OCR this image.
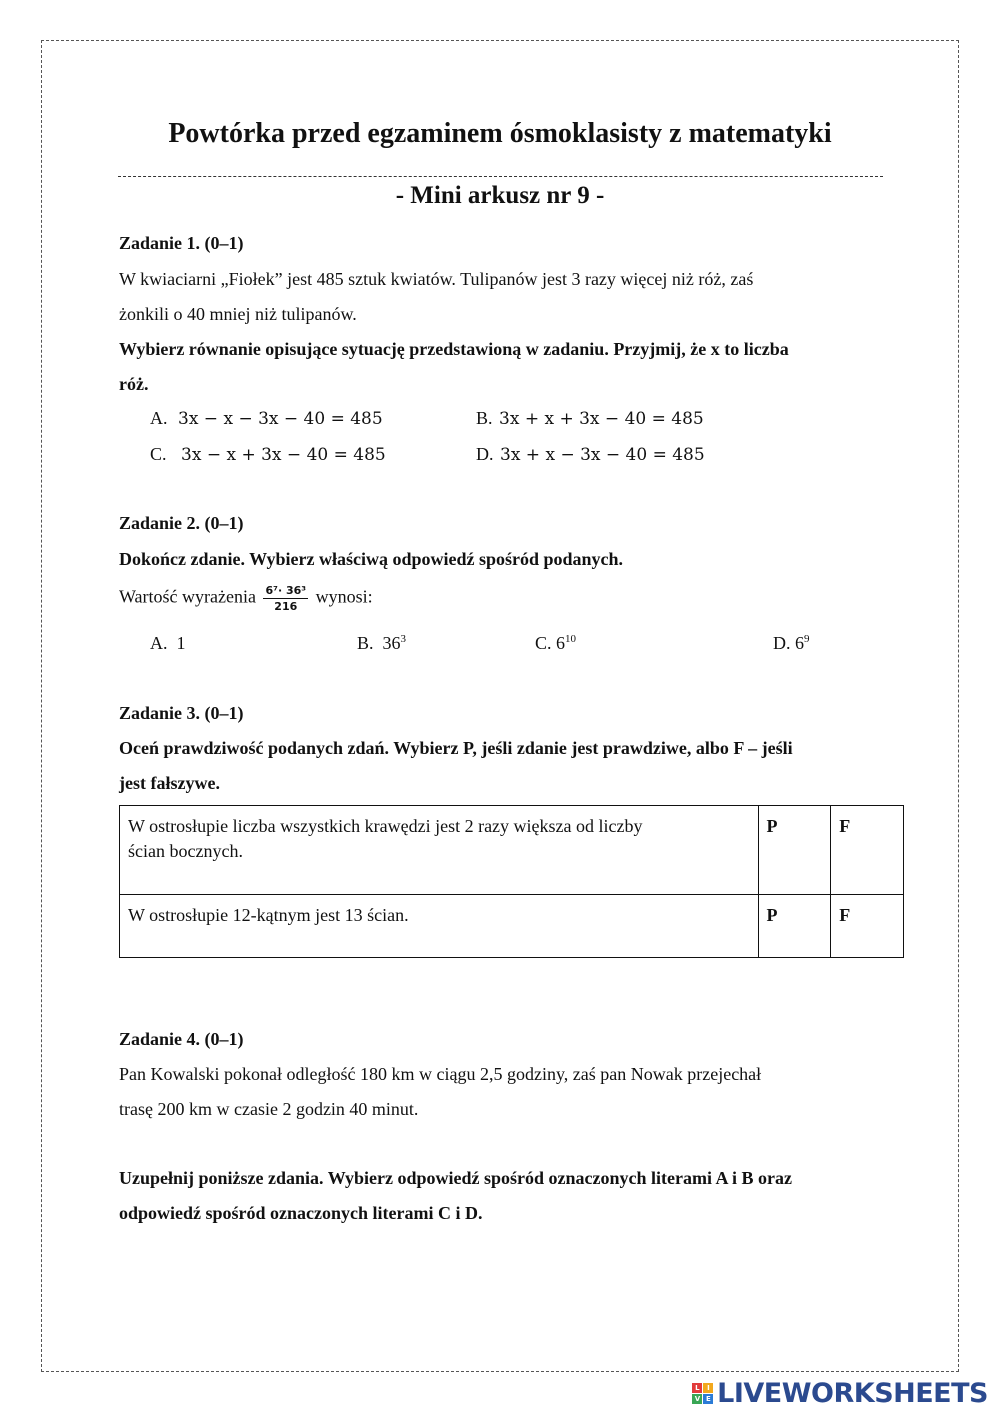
Powtórka przed egzaminem ósmoklasisty z matematyki
- Mini arkusz nr 9 -
Zadanie 1. (0–1)
W kwiaciarni „Fiołek” jest 485 sztuk kwiatów. Tulipanów jest 3 razy więcej niż róż, zaś
żonkili o 40 mniej niż tulipanów.
Wybierz równanie opisujące sytuację przedstawioną w zadaniu. Przyjmij, że x to liczba
róż.
A. 3x − x − 3x − 40 = 485	B. 3x + x + 3x − 40 = 485
C. 3x − x + 3x − 40 = 485	D. 3x + x − 3x − 40 = 485
Zadanie 2. (0–1)
Dokończ zdanie. Wybierz właściwą odpowiedź spośród podanych.
Wartość wyrażenia $\frac{\text{6⁷· 36³}}{216}$ wynosi:
A. 1	B. $36^3$	C. $6^{10}$	D. $6^9$
Zadanie 3. (0–1)
Oceń prawdziwość podanych zdań. Wybierz P, jeśli zdanie jest prawdziwe, albo F – jeśli
jest fałszywe.
W ostrosłupie liczba wszystkich krawędzi jest 2 razy większa od liczby
ścian bocznych.	P	F

W ostrosłupie 12-kątnym jest 13 ścian.	P	F
Zadanie 4. (0–1)
Pan Kowalski pokonał odległość 180 km w ciągu 2,5 godziny, zaś pan Nowak przejechał
trasę 200 km w czasie 2 godzin 40 minut.
Uzupełnij poniższe zdania. Wybierz odpowiedź spośród oznaczonych literami A i B oraz
odpowiedź spośród oznaczonych literami C i D.
L	I
V E LIVEWORKSHEETS
